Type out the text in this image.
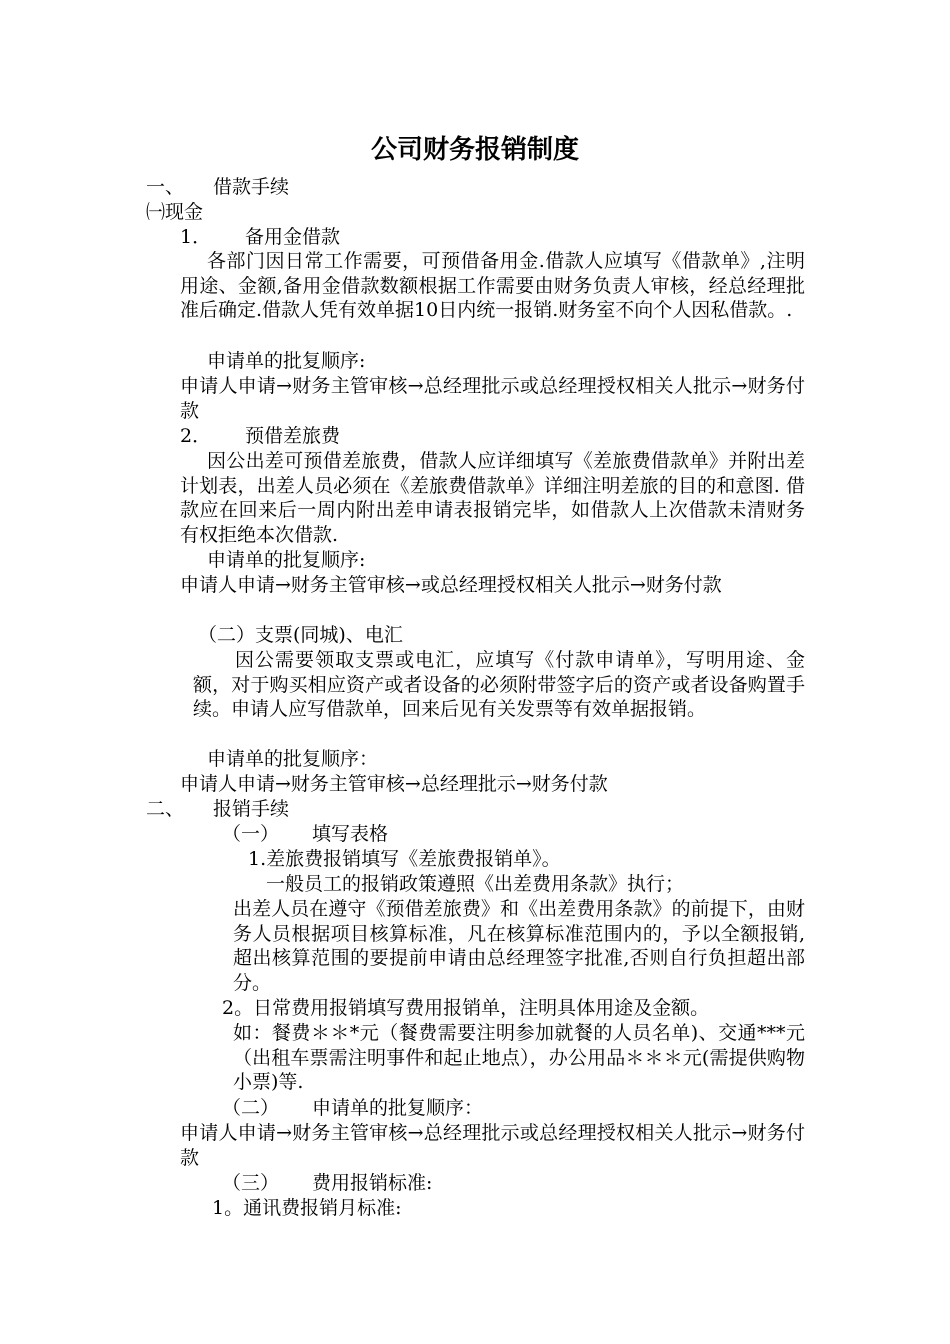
公司财务报销制度
一、 借款手续
㈠现金
1． 备用金借款
各部门因日常工作需要，可预借备用金.借款人应填写《借款单》,注明用途、金额,备用金借款数额根据工作需要由财务负责人审核，经总经理批准后确定.借款人凭有效单据10日内统一报销.财务室不向个人因私借款。.
申请单的批复顺序:
申请人申请→财务主管审核→总经理批示或总经理授权相关人批示→财务付款
2． 预借差旅费
因公出差可预借差旅费，借款人应详细填写《差旅费借款单》并附出差计划表，出差人员必须在《差旅费借款单》详细注明差旅的目的和意图. 借款应在回来后一周内附出差申请表报销完毕，如借款人上次借款未清财务有权拒绝本次借款.
申请单的批复顺序:
申请人申请→财务主管审核→或总经理授权相关人批示→财务付款
（二）支票(同城)、电汇
因公需要领取支票或电汇，应填写《付款申请单》，写明用途、金额，对于购买相应资产或者设备的必须附带签字后的资产或者设备购置手续。申请人应写借款单，回来后见有关发票等有效单据报销。
申请单的批复顺序：
申请人申请→财务主管审核→总经理批示→财务付款
二、 报销手续
（一） 填写表格
1.差旅费报销填写《差旅费报销单》。
一般员工的报销政策遵照《出差费用条款》执行；
出差人员在遵守《预借差旅费》和《出差费用条款》的前提下，由财务人员根据项目核算标准，凡在核算标准范围内的，予以全额报销,超出核算范围的要提前申请由总经理签字批准,否则自行负担超出部分。
2。日常费用报销填写费用报销单，注明具体用途及金额。
如：餐费＊＊*元（餐费需要注明参加就餐的人员名单)、交通***元（出租车票需注明事件和起止地点），办公用品＊＊＊元(需提供购物小票)等.
（二） 申请单的批复顺序：
申请人申请→财务主管审核→总经理批示或总经理授权相关人批示→财务付款
（三） 费用报销标准:
1。通讯费报销月标准:
